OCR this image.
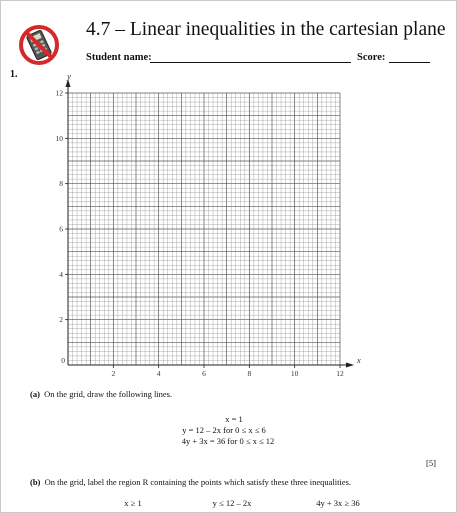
4.7 – Linear inequalities in the cartesian plane
Student name:	Score:
1.
2	4	6	8	10	12
2
4
6
8
10
12
0	x
y
(a) On the grid, draw the following lines.
x = 1
y = 12 – 2x for 0 ≤ x ≤ 6
4y + 3x = 36 for 0 ≤ x ≤ 12
[5]
(b) On the grid, label the region R containing the points which satisfy these three inequalities.
x ≥ 1	y ≤ 12 – 2x	4y + 3x ≥ 36
